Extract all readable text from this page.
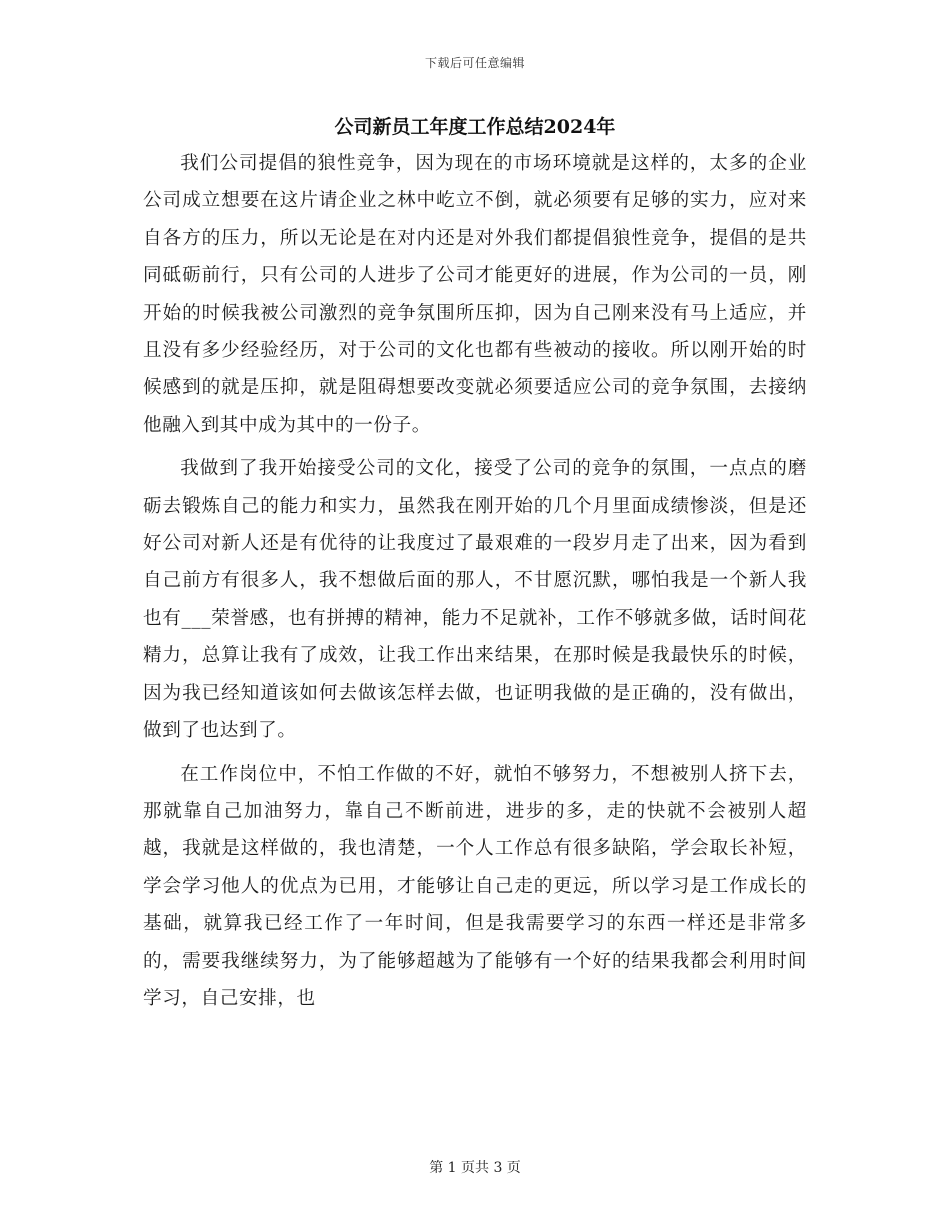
下载后可任意编辑
公司新员工年度工作总结2024年

我们公司提倡的狼性竞争，因为现在的市场环境就是这样的，太多的企业公司成立想要在这片请企业之林中屹立不倒，就必须要有足够的实力，应对来自各方的压力，所以无论是在对内还是对外我们都提倡狼性竞争，提倡的是共同砥砺前行，只有公司的人进步了公司才能更好的进展，作为公司的一员，刚开始的时候我被公司激烈的竞争氛围所压抑，因为自己刚来没有马上适应，并且没有多少经验经历，对于公司的文化也都有些被动的接收。所以刚开始的时候感到的就是压抑，就是阻碍想要改变就必须要适应公司的竞争氛围，去接纳他融入到其中成为其中的一份子。

我做到了我开始接受公司的文化，接受了公司的竞争的氛围，一点点的磨砺去锻炼自己的能力和实力，虽然我在刚开始的几个月里面成绩惨淡，但是还好公司对新人还是有优待的让我度过了最艰难的一段岁月走了出来，因为看到自己前方有很多人，我不想做后面的那人，不甘愿沉默，哪怕我是一个新人我也有___荣誉感，也有拼搏的精神，能力不足就补，工作不够就多做，话时间花精力，总算让我有了成效，让我工作出来结果，在那时候是我最快乐的时候，因为我已经知道该如何去做该怎样去做，也证明我做的是正确的，没有做出，做到了也达到了。

在工作岗位中，不怕工作做的不好，就怕不够努力，不想被别人挤下去，那就靠自己加油努力，靠自己不断前进，进步的多，走的快就不会被别人超越，我就是这样做的，我也清楚，一个人工作总有很多缺陷，学会取长补短，学会学习他人的优点为已用，才能够让自己走的更远，所以学习是工作成长的基础，就算我已经工作了一年时间，但是我需要学习的东西一样还是非常多的，需要我继续努力，为了能够超越为了能够有一个好的结果我都会利用时间学习，自己安排，也

第 1 页共 3 页
